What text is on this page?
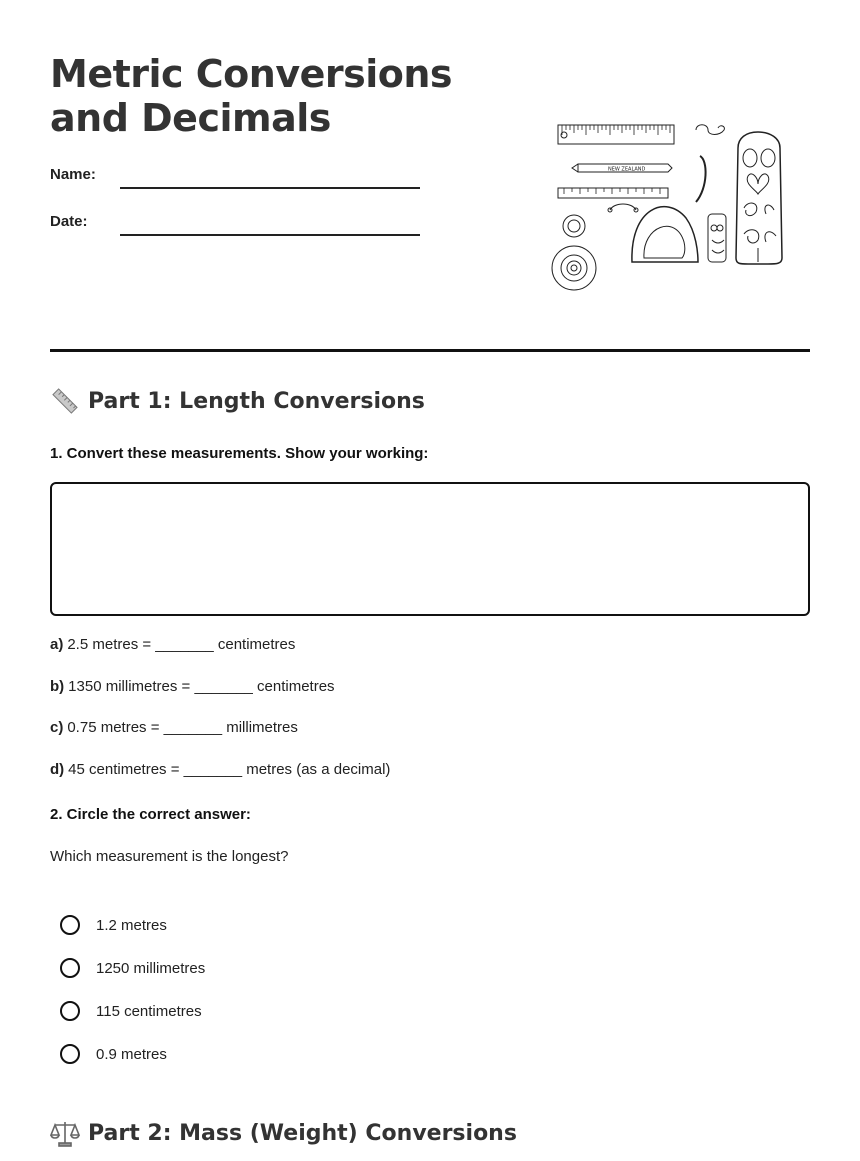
Metric Conversions and Decimals
Name:
Date:
NEW ZEALAND
Part 1: Length Conversions
1. Convert these measurements. Show your working:
a) 2.5 metres = _______ centimetres
b) 1350 millimetres = _______ centimetres
c) 0.75 metres = _______ millimetres
d) 45 centimetres = _______ metres (as a decimal)
2. Circle the correct answer:
Which measurement is the longest?
1.2 metres
1250 millimetres
115 centimetres
0.9 metres
Part 2: Mass (Weight) Conversions
